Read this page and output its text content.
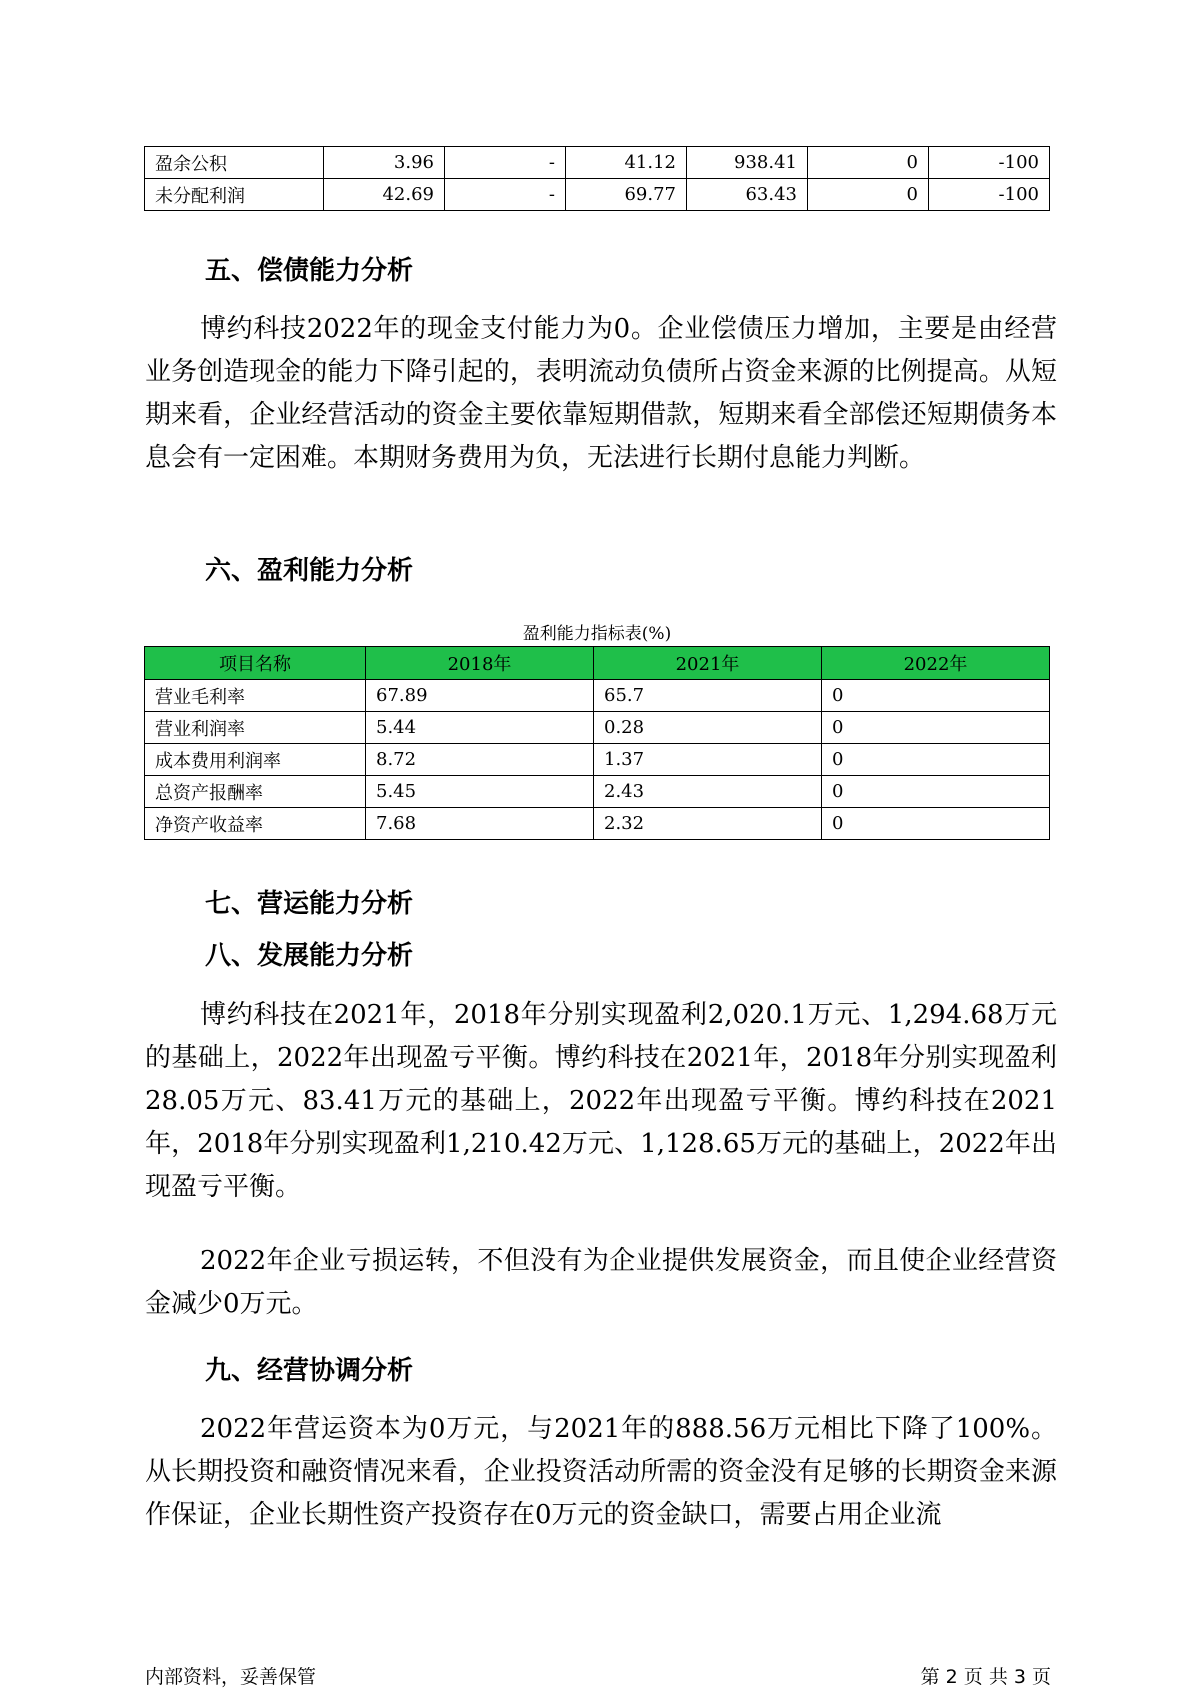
盈余公积	3.96	-	41.12	938.41	0	-100
未分配利润	42.69	-	69.77	63.43	0	-100
五、偿债能力分析

博约科技2022年的现金支付能力为0。企业偿债压力增加，主要是由经营业务创造现金的能力下降引起的，表明流动负债所占资金来源的比例提高。从短期来看，企业经营活动的资金主要依靠短期借款，短期来看全部偿还短期债务本息会有一定困难。本期财务费用为负，无法进行长期付息能力判断。

六、盈利能力分析
盈利能力指标表(%)
项目名称	2018年	2021年	2022年
营业毛利率	67.89	65.7	0
营业利润率	5.44	0.28	0
成本费用利润率	8.72	1.37	0
总资产报酬率	5.45	2.43	0
净资产收益率	7.68	2.32	0
七、营运能力分析
八、发展能力分析

博约科技在2021年，2018年分别实现盈利2,020.1万元、1,294.68万元的基础上，2022年出现盈亏平衡。博约科技在2021年，2018年分别实现盈利28.05万元、83.41万元的基础上，2022年出现盈亏平衡。博约科技在2021年，2018年分别实现盈利1,210.42万元、1,128.65万元的基础上，2022年出现盈亏平衡。

2022年企业亏损运转，不但没有为企业提供发展资金，而且使企业经营资金减少0万元。

九、经营协调分析

2022年营运资本为0万元，与2021年的888.56万元相比下降了100%。从长期投资和融资情况来看，企业投资活动所需的资金没有足够的长期资金来源作保证，企业长期性资产投资存在0万元的资金缺口，需要占用企业流

内部资料，妥善保管	第 2 页 共 3 页
